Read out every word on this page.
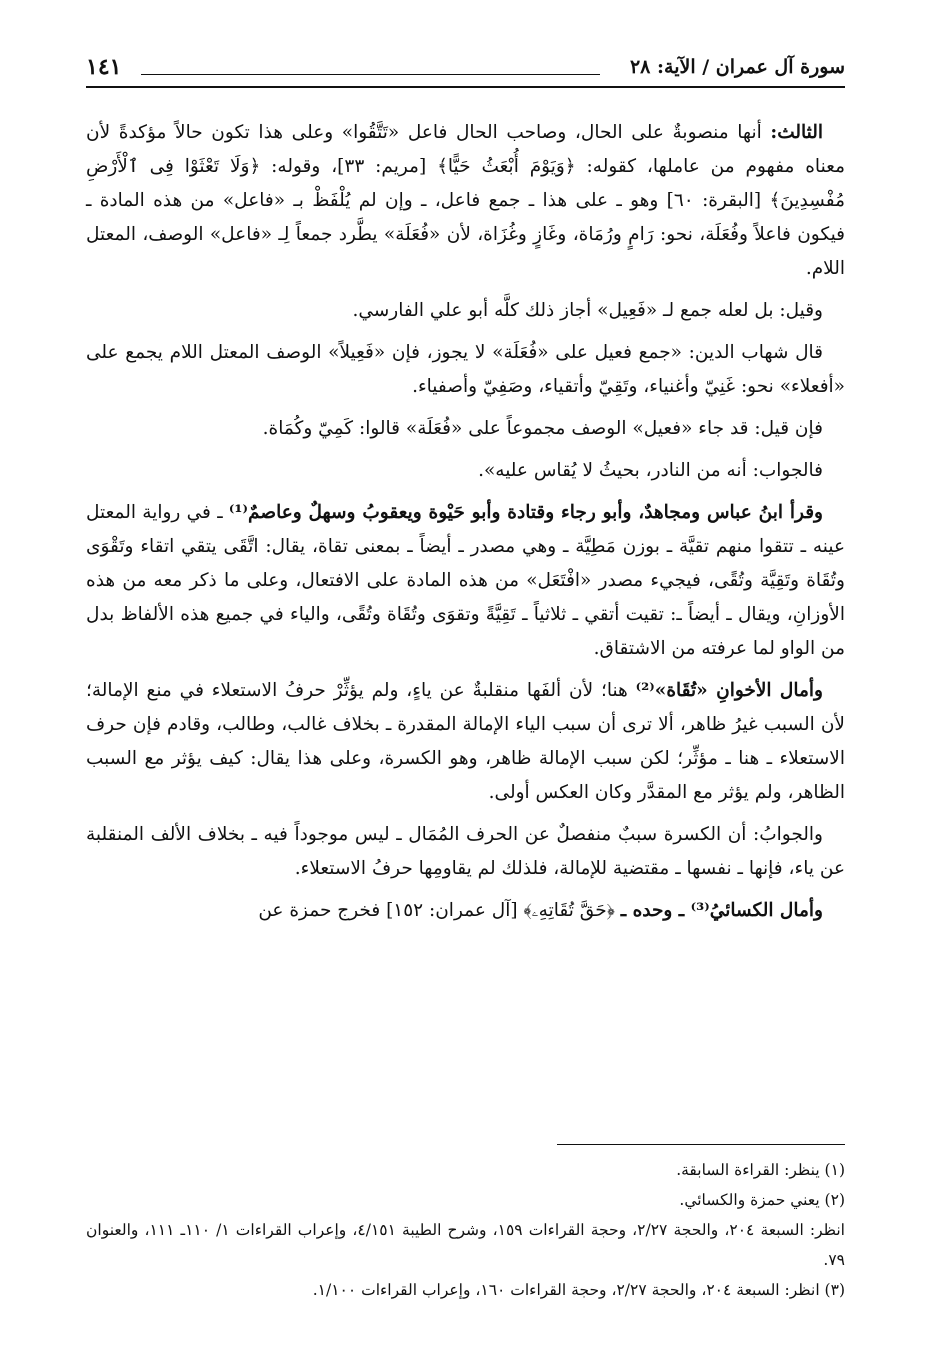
سورة آل عمران / الآية: ٢٨
١٤١

الثالث: أنها منصوبةٌ على الحال، وصاحب الحال فاعل «تَتَّقُوا» وعلى هذا تكون حالاً مؤكدةً لأن معناه مفهوم من عاملها، كقوله: ﴿وَيَوْمَ أُبْعَثُ حَيًّا﴾ [مريم: ٣٣]، وقوله: ﴿وَلَا تَعْثَوْا فِى ٱلْأَرْضِ مُفْسِدِينَ﴾ [البقرة: ٦٠] وهو ـ على هذا ـ جمع فاعل، ـ وإن لم يُلْفَظْ بـ «فاعل» من هذه المادة ـ فيكون فاعلاً وفُعَلَة، نحو: رَامٍ ورُمَاة، وغَازٍ وغُزَاة، لأن «فُعَلَة» يطَّرد جمعاً لِـ «فاعل» الوصف، المعتل اللام.

وقيل: بل لعله جمع لـ «فَعِيل» أجاز ذلك كلَّه أبو علي الفارسي.

قال شهاب الدين: «جمع فعيل على «فُعَلَة» لا يجوز، فإن «فَعِيلاً» الوصف المعتل اللام يجمع على «أفعلاء» نحو: غَنِيّ وأغنياء، وتَقِيّ وأتقياء، وصَفِيّ وأصفياء.

فإن قيل: قد جاء «فعيل» الوصف مجموعاً على «فُعَلَة» قالوا: كَمِيّ وكُمَاة.

فالجواب: أنه من النادر، بحيثُ لا يُقاس عليه».

وقرأ ابنُ عباس ومجاهدٌ، وأبو رجاء وقتادة وأبو حَيْوة ويعقوبُ وسهلٌ وعاصمٌ⁽¹⁾ ـ في رواية المعتل عينه ـ تتقوا منهم تقيَّة ـ بوزن مَطِيَّة ـ وهي مصدر ـ أيضاً ـ بمعنى تقاة، يقال: اتَّقَى يتقي اتقاء وتَقْوَى وتُقَاة وتَقِيَّة وتُقًى، فيجيء مصدر «افْتَعَل» من هذه المادة على الافتعال، وعلى ما ذكر معه من هذه الأوزانِ، ويقال ـ أيضاً ـ: تقيت أتقي ـ ثلاثياً ـ تَقِيَّةً وتقوَى وتُقَاة وتُقًى، والياء في جميع هذه الألفاظ بدل من الواو لما عرفته من الاشتقاق.

وأمال الأخوانِ «تُقَاة»⁽²⁾ هنا؛ لأن ألفَها منقلبةٌ عن ياءٍ، ولم يؤثِّرْ حرفُ الاستعلاء في منع الإمالة؛ لأن السبب غيرُ ظاهر، ألا ترى أن سبب الياء الإمالة المقدرة ـ بخلاف غالب، وطالب، وقادم فإن حرف الاستعلاء ـ هنا ـ مؤثِّر؛ لكن سبب الإمالة ظاهر، وهو الكسرة، وعلى هذا يقال: كيف يؤثر مع السبب الظاهر، ولم يؤثر مع المقدَّر وكان العكس أولى.

والجوابُ: أن الكسرة سببٌ منفصلٌ عن الحرف المُمَال ـ ليس موجوداً فيه ـ بخلاف الألف المنقلبة عن ياء، فإنها ـ نفسها ـ مقتضية للإمالة، فلذلك لم يقاومِها حرفُ الاستعلاء.

وأمال الكسائيُ⁽³⁾ ـ وحده ـ ﴿حَقَّ تُقَاتِهِۦ﴾ [آل عمران: ١٥٢] فخرج حمزة عن

(١) ينظر: القراءة السابقة.

(٢) يعني حمزة والكسائي.

انظر: السبعة ٢٠٤، والحجة ٢/٢٧، وحجة القراءات ١٥٩، وشرح الطيبة ٤/١٥١، وإعراب القراءات ١/ ١١٠ـ ١١١، والعنوان ٧٩.

(٣) انظر: السبعة ٢٠٤، والحجة ٢/٢٧، وحجة القراءات ١٦٠، وإعراب القراءات ١/١٠٠.
